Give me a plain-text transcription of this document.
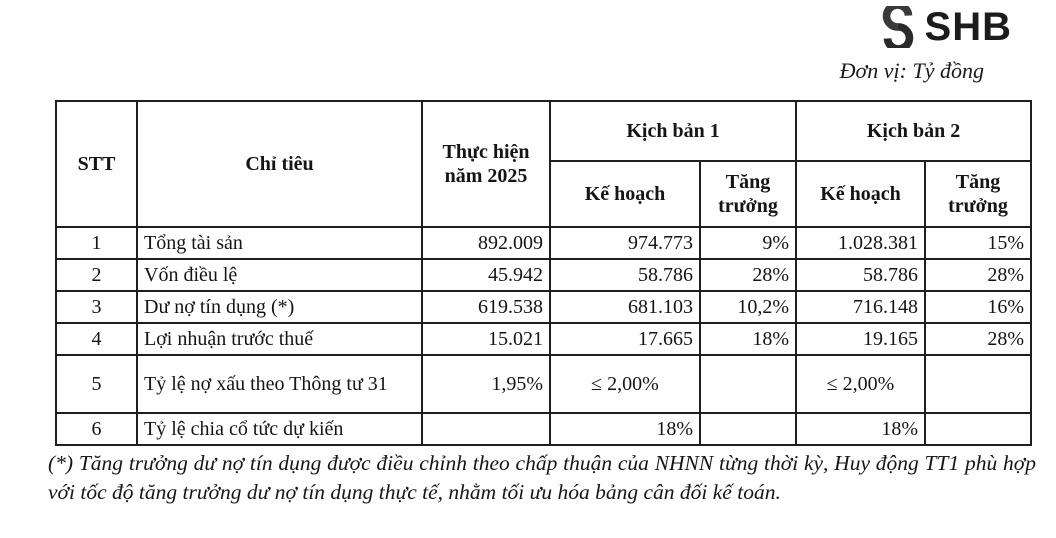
SHB
Đơn vị: Tỷ đồng
STT	Chỉ tiêu	Thực hiện năm 2025	Kịch bản 1		Kịch bản 2	
			Kế hoạch	Tăng trưởng	Kế hoạch	Tăng trưởng
1	Tổng tài sản	892.009	974.773	9%	1.028.381	15%
2	Vốn điều lệ	45.942	58.786	28%	58.786	28%
3	Dư nợ tín dụng (*)	619.538	681.103	10,2%	716.148	16%
4	Lợi nhuận trước thuế	15.021	17.665	18%	19.165	28%
5	Tỷ lệ nợ xấu theo Thông tư 31	1,95%	≤ 2,00%		≤ 2,00%	
6	Tỷ lệ chia cổ tức dự kiến		18%		18%	

(*) Tăng trưởng dư nợ tín dụng được điều chỉnh theo chấp thuận của NHNN từng thời kỳ, Huy động TT1 phù hợp với tốc độ tăng trưởng dư nợ tín dụng thực tế, nhằm tối ưu hóa bảng cân đối kế toán.
